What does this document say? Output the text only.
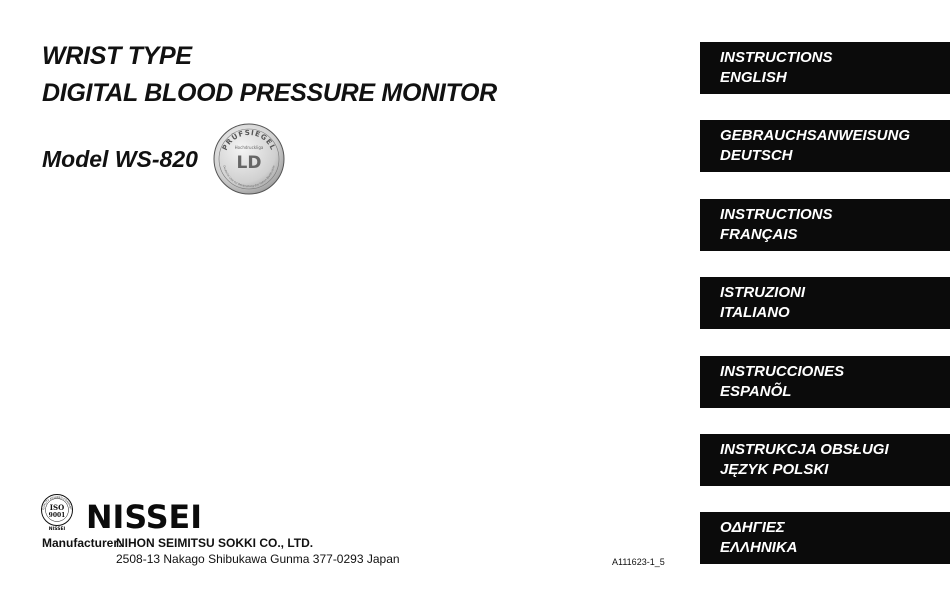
WRIST TYPE
DIGITAL BLOOD PRESSURE MONITOR
Model WS-820	PRÜFSIEGEL
Hochdruckliga
LD
Deutsche Liga zur Bekämpfung des hohen Blutdruckes
INSTRUCTIONS
ENGLISH
GEBRAUCHSANWEISUNG
DEUTSCH
INSTRUCTIONS
FRANÇAIS
ISTRUZIONI
ITALIANO
INSTRUCCIONES
ESPANÕL
INSTRUKCJA OBSŁUGI
JĘZYK POLSKI
ΟΔΗΓΙΕΣ
ΕΛΛΗΝΙΚΑ
QUALITY ASSURED COMPANY
ISO
9001
NISSEI NISSEI
Manufacturer:
NIHON SEIMITSU SOKKI CO., LTD.
2508-13 Nakago Shibukawa Gunma 377-0293 Japan	A111623-1_5
